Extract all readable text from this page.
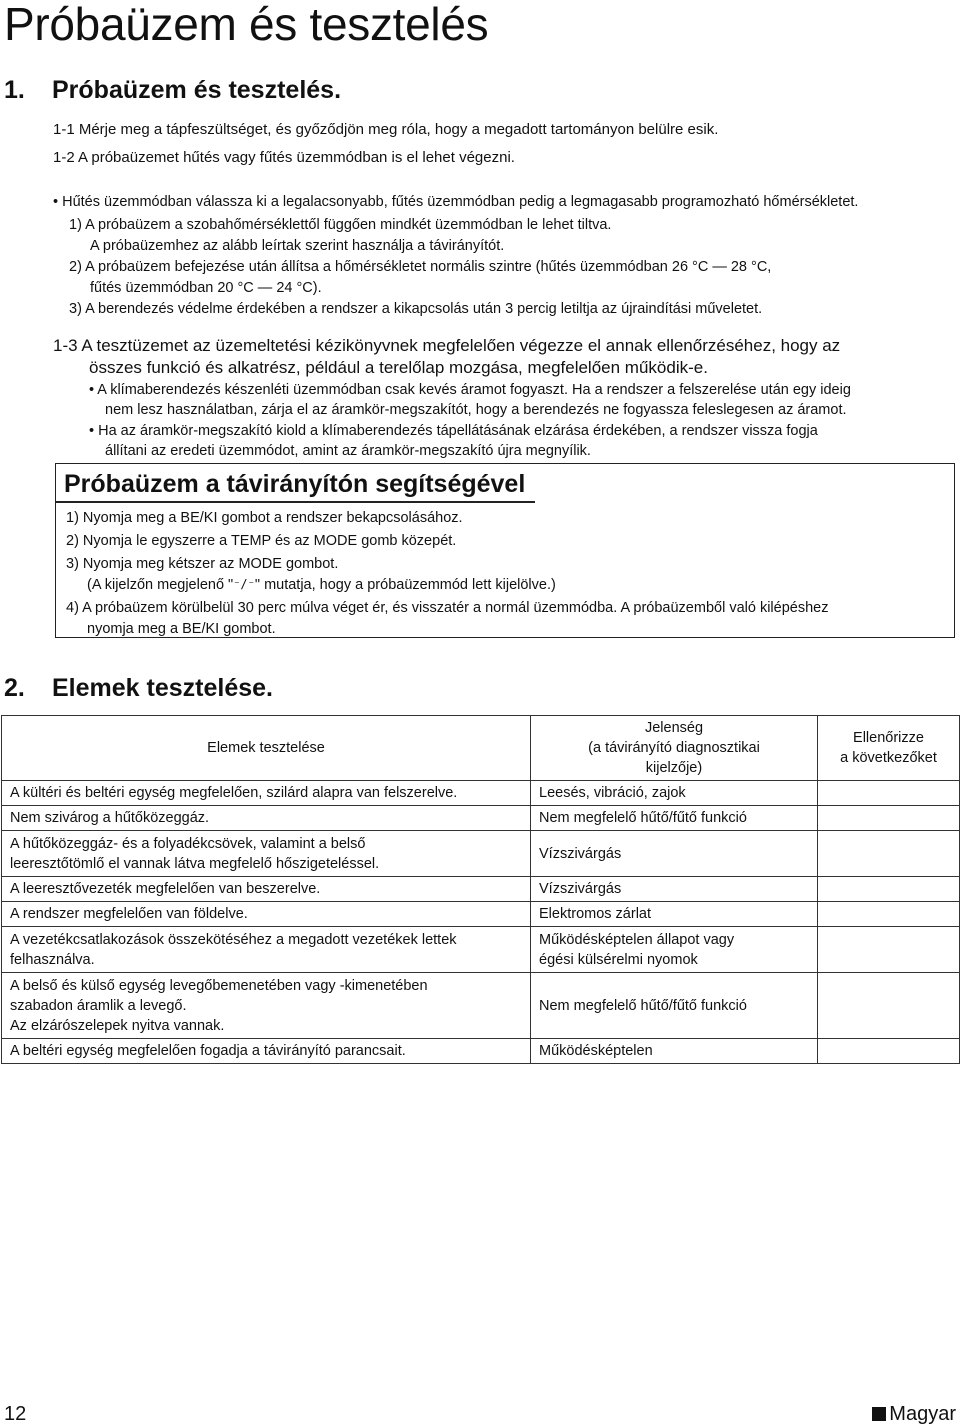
Próbaüzem és tesztelés
1. Próbaüzem és tesztelés.
1-1 Mérje meg a tápfeszültséget, és győződjön meg róla, hogy a megadott tartományon belülre esik.
1-2 A próbaüzemet hűtés vagy fűtés üzemmódban is el lehet végezni.
• Hűtés üzemmódban válassza ki a legalacsonyabb, fűtés üzemmódban pedig a legmagasabb programozható hőmérsékletet.
1) A próbaüzem a szobahőmérséklettől függően mindkét üzemmódban le lehet tiltva.
A próbaüzemhez az alább leírtak szerint használja a távirányítót.
2) A próbaüzem befejezése után állítsa a hőmérsékletet normális szintre (hűtés üzemmódban 26 °C — 28 °C,
fűtés üzemmódban 20 °C — 24 °C).
3) A berendezés védelme érdekében a rendszer a kikapcsolás után 3 percig letiltja az újraindítási műveletet.
1-3 A tesztüzemet az üzemeltetési kézikönyvnek megfelelően végezze el annak ellenőrzéséhez, hogy az
összes funkció és alkatrész, például a terelőlap mozgása, megfelelően működik-e.
• A klímaberendezés készenléti üzemmódban csak kevés áramot fogyaszt. Ha a rendszer a felszerelése után egy ideig
nem lesz használatban, zárja el az áramkör-megszakítót, hogy a berendezés ne fogyassza feleslegesen az áramot.
• Ha az áramkör-megszakító kiold a klímaberendezés tápellátásának elzárása érdekében, a rendszer vissza fogja
állítani az eredeti üzemmódot, amint az áramkör-megszakító újra megnyílik.
Próbaüzem a távirányítón segítségével
1) Nyomja meg a BE/KI gombot a rendszer bekapcsolásához.
2) Nyomja le egyszerre a TEMP és az MODE gomb közepét.
3) Nyomja meg kétszer az MODE gombot.
(A kijelzőn megjelenő "⁻/⁻" mutatja, hogy a próbaüzemmód lett kijelölve.)
4) A próbaüzem körülbelül 30 perc múlva véget ér, és visszatér a normál üzemmódba. A próbaüzemből való kilépéshez
nyomja meg a BE/KI gombot.
2. Elemek tesztelése.
Elemek tesztelése	Jelenség
(a távirányító diagnosztikai
kijelzője)	Ellenőrizze
a következőket
A kültéri és beltéri egység megfelelően, szilárd alapra van felszerelve.	Leesés, vibráció, zajok	
Nem szivárog a hűtőközeggáz.	Nem megfelelő hűtő/fűtő funkció	
A hűtőközeggáz- és a folyadékcsövek, valamint a belső
leeresztőtömlő el vannak látva megfelelő hőszigeteléssel.	Vízszivárgás	
A leeresztővezeték megfelelően van beszerelve.	Vízszivárgás	
A rendszer megfelelően van földelve.	Elektromos zárlat	
A vezetékcsatlakozások összekötéséhez a megadott vezetékek lettek
felhasználva.	Működésképtelen állapot vagy
égési külsérelmi nyomok	
A belső és külső egység levegőbemenetében vagy -kimenetében
szabadon áramlik a levegő.
Az elzárószelepek nyitva vannak.	Nem megfelelő hűtő/fűtő funkció	
A beltéri egység megfelelően fogadja a távirányító parancsait.	Működésképtelen	
12	Magyar
